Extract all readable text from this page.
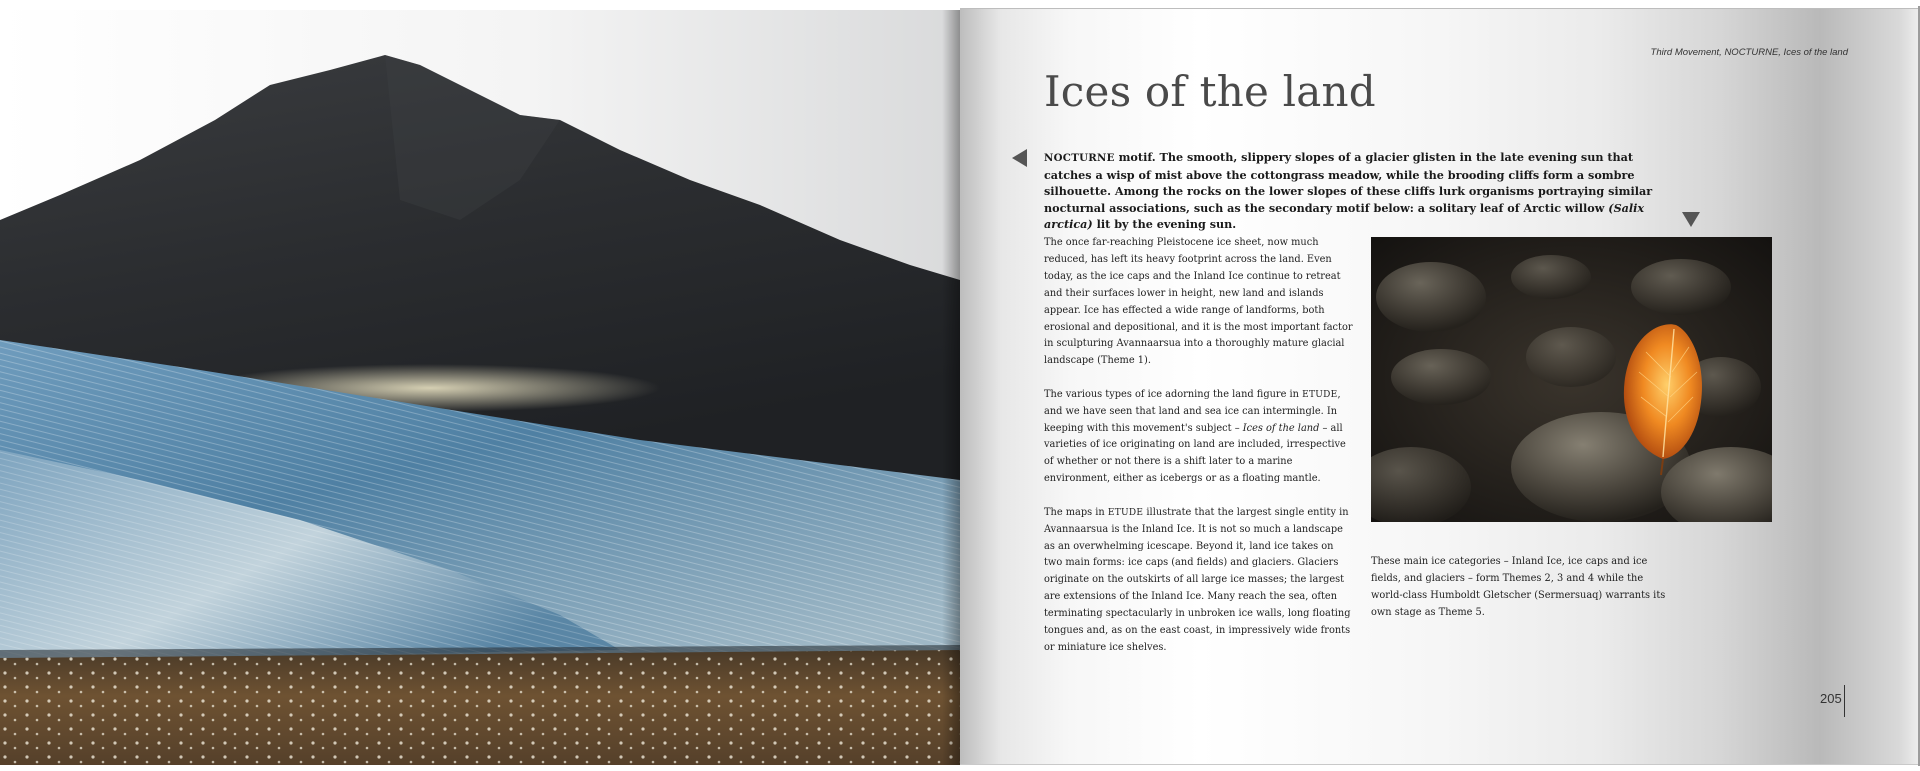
Third Movement, NOCTURNE, Ices of the land
Ices of the land

NOCTURNE motif. The smooth, slippery slopes of a glacier glisten in the late evening sun that catches a wisp of mist above the cottongrass meadow, while the brooding cliffs form a sombre silhouette. Among the rocks on the lower slopes of these cliffs lurk organisms portraying similar nocturnal associations, such as the secondary motif below: a solitary leaf of Arctic willow (Salix arctica) lit by the evening sun.

The once far-reaching Pleistocene ice sheet, now much reduced, has left its heavy footprint across the land. Even today, as the ice caps and the Inland Ice continue to retreat and their surfaces lower in height, new land and islands appear. Ice has effected a wide range of landforms, both erosional and depositional, and it is the most important factor in sculpturing Avannaarsua into a thoroughly mature glacial landscape (Theme 1).

The various types of ice adorning the land figure in ETUDE, and we have seen that land and sea ice can intermingle. In keeping with this movement's subject – Ices of the land – all varieties of ice originating on land are included, irrespective of whether or not there is a shift later to a marine environment, either as icebergs or as a floating mantle.

The maps in ETUDE illustrate that the largest single entity in Avannaarsua is the Inland Ice. It is not so much a landscape as an overwhelming icescape. Beyond it, land ice takes on two main forms: ice caps (and fields) and glaciers. Glaciers originate on the outskirts of all large ice masses; the largest are extensions of the Inland Ice. Many reach the sea, often terminating spectacularly in unbroken ice walls, long floating tongues and, as on the east coast, in impressively wide fronts or miniature ice shelves.

These main ice categories – Inland Ice, ice caps and ice fields, and glaciers – form Themes 2, 3 and 4 while the world-class Humboldt Gletscher (Sermersuaq) warrants its own stage as Theme 5.

205
